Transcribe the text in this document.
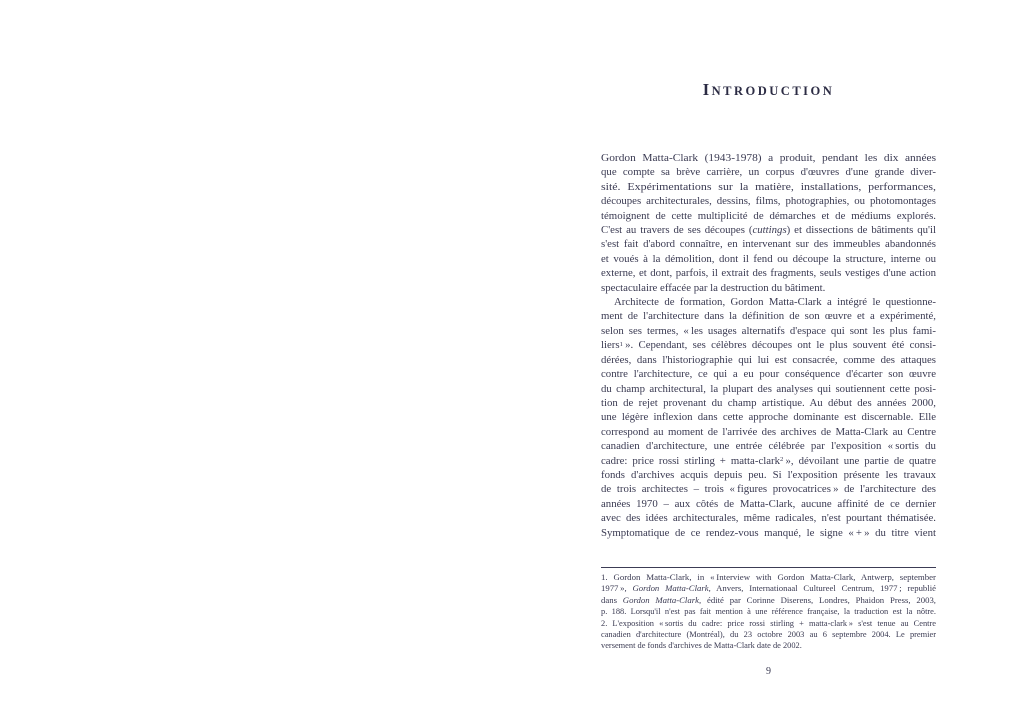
INTRODUCTION
Gordon Matta-Clark (1943-1978) a produit, pendant les dix années
que compte sa brève carrière, un corpus d'œuvres d'une grande diver-
sité. Expérimentations sur la matière, installations, performances,
découpes architecturales, dessins, films, photographies, ou photomontages
témoignent de cette multiplicité de démarches et de médiums explorés.
C'est au travers de ses découpes (cuttings) et dissections de bâtiments qu'il
s'est fait d'abord connaître, en intervenant sur des immeubles abandonnés
et voués à la démolition, dont il fend ou découpe la structure, interne ou
externe, et dont, parfois, il extrait des fragments, seuls vestiges d'une action
spectaculaire effacée par la destruction du bâtiment.
Architecte de formation, Gordon Matta-Clark a intégré le questionne-
ment de l'architecture dans la définition de son œuvre et a expérimenté,
selon ses termes, « les usages alternatifs d'espace qui sont les plus fami-
liers$^1$ ». Cependant, ses célèbres découpes ont le plus souvent été consi-
dérées, dans l'historiographie qui lui est consacrée, comme des attaques
contre l'architecture, ce qui a eu pour conséquence d'écarter son œuvre
du champ architectural, la plupart des analyses qui soutiennent cette posi-
tion de rejet provenant du champ artistique. Au début des années 2000,
une légère inflexion dans cette approche dominante est discernable. Elle
correspond au moment de l'arrivée des archives de Matta-Clark au Centre
canadien d'architecture, une entrée célébrée par l'exposition « sortis du
cadre: price rossi stirling + matta-clark$^2$ », dévoilant une partie de quatre
fonds d'archives acquis depuis peu. Si l'exposition présente les travaux
de trois architectes – trois « figures provocatrices » de l'architecture des
années 1970 – aux côtés de Matta-Clark, aucune affinité de ce dernier
avec des idées architecturales, même radicales, n'est pourtant thématisée.
Symptomatique de ce rendez-vous manqué, le signe « + » du titre vient
1. Gordon Matta-Clark, in « Interview with Gordon Matta-Clark, Antwerp, september
1977 », Gordon Matta-Clark, Anvers, Internationaal Cultureel Centrum, 1977 ; republié
dans Gordon Matta-Clark, édité par Corinne Diserens, Londres, Phaidon Press, 2003,
p. 188. Lorsqu'il n'est pas fait mention à une référence française, la traduction est la nôtre.
2. L'exposition « sortis du cadre: price rossi stirling + matta-clark » s'est tenue au Centre
canadien d'architecture (Montréal), du 23 octobre 2003 au 6 septembre 2004. Le premier
versement de fonds d'archives de Matta-Clark date de 2002.
9
